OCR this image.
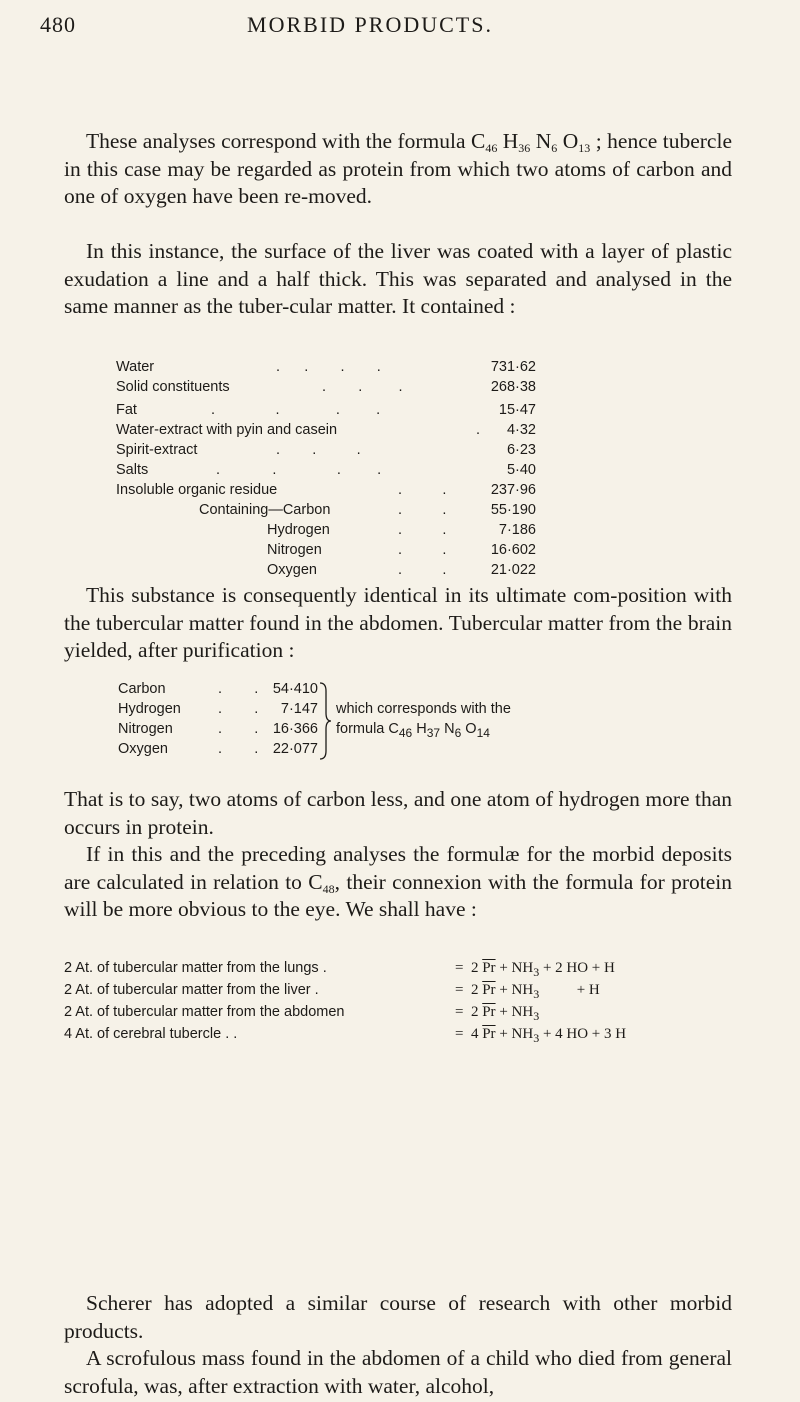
480	MORBID PRODUCTS.

These analyses correspond with the formula $C_{46}$ $H_{36}$ $N_6$ $O_{13}$ ; hence tubercle in this case may be regarded as protein from which two atoms of carbon and one of oxygen have been re-moved.

In this instance, the surface of the liver was coated with a layer of plastic exudation a line and a half thick. This was separated and analysed in the same manner as the tuber-cular matter. It contained :

Water	.      .        .        .	731·62
Solid constituents	.        .         .	268·38
Fat	.               .              .         .	15·47
Water-extract with pyin and casein	. 4·32
Spirit-extract	.        .          .	6·23
Salts	.             .               .         .	5·40
Insoluble organic residue	.          .	237·96
Containing—Carbon	.          .	55·190
Hydrogen	.          .	7·186
Nitrogen	.          .	16·602
Oxygen	.          .	21·022

This substance is consequently identical in its ultimate com-position with the tubercular matter found in the abdomen. Tubercular matter from the brain yielded, after purification :

Carbon	.        . 54·410
Hydrogen	.        . 7·147
Nitrogen	.        . 16·366
Oxygen	.        . 22·077
which corresponds with the
formula $C_{46}$ $H_{37}$ $N_6$ $O_{14}$

That is to say, two atoms of carbon less, and one atom of hydrogen more than occurs in protein.

If in this and the preceding analyses the formulæ for the morbid deposits are calculated in relation to $C_{48}$, their connexion with the formula for protein will be more obvious to the eye. We shall have :

2 At. of tubercular matter from the lungs .	= 2 $\overline{Pr} + NH_3 + 2$ HO + H
2 At. of tubercular matter from the liver .	= 2 $\overline{Pr} + NH_3$          + H
2 At. of tubercular matter from the abdomen	= 2 $\overline{Pr} + NH_3$
4 At. of cerebral tubercle . .	= 4 $\overline{Pr} + NH_3 + 4$ HO + 3 H

Scherer has adopted a similar course of research with other morbid products.

A scrofulous mass found in the abdomen of a child who died from general scrofula, was, after extraction with water, alcohol,
